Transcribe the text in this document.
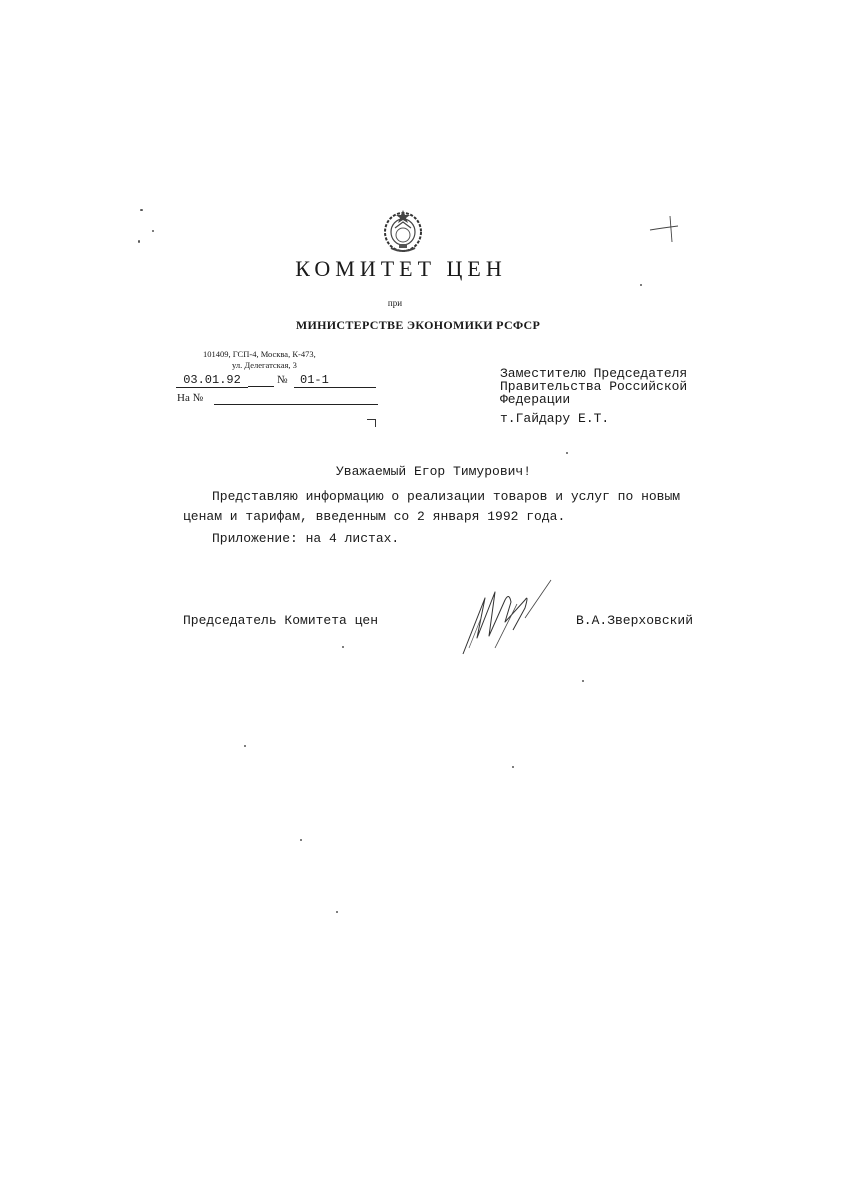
КОМИТЕТ ЦЕН
при
МИНИСТЕРСТВЕ ЭКОНОМИКИ РСФСР
101409, ГСП-4, Москва, К-473,
ул. Делегатская, 3
03.01.92	№	01-1
На №
Заместителю Председателя
Правительства Российской
Федерации
т.Гайдару Е.Т.
Уважаемый Егор Тимурович!
Представляю информацию о реализации товаров и услуг по новым
ценам и тарифам, введенным со 2 января 1992 года.
Приложение: на 4 листах.
Председатель Комитета цен	В.А.Зверховский
